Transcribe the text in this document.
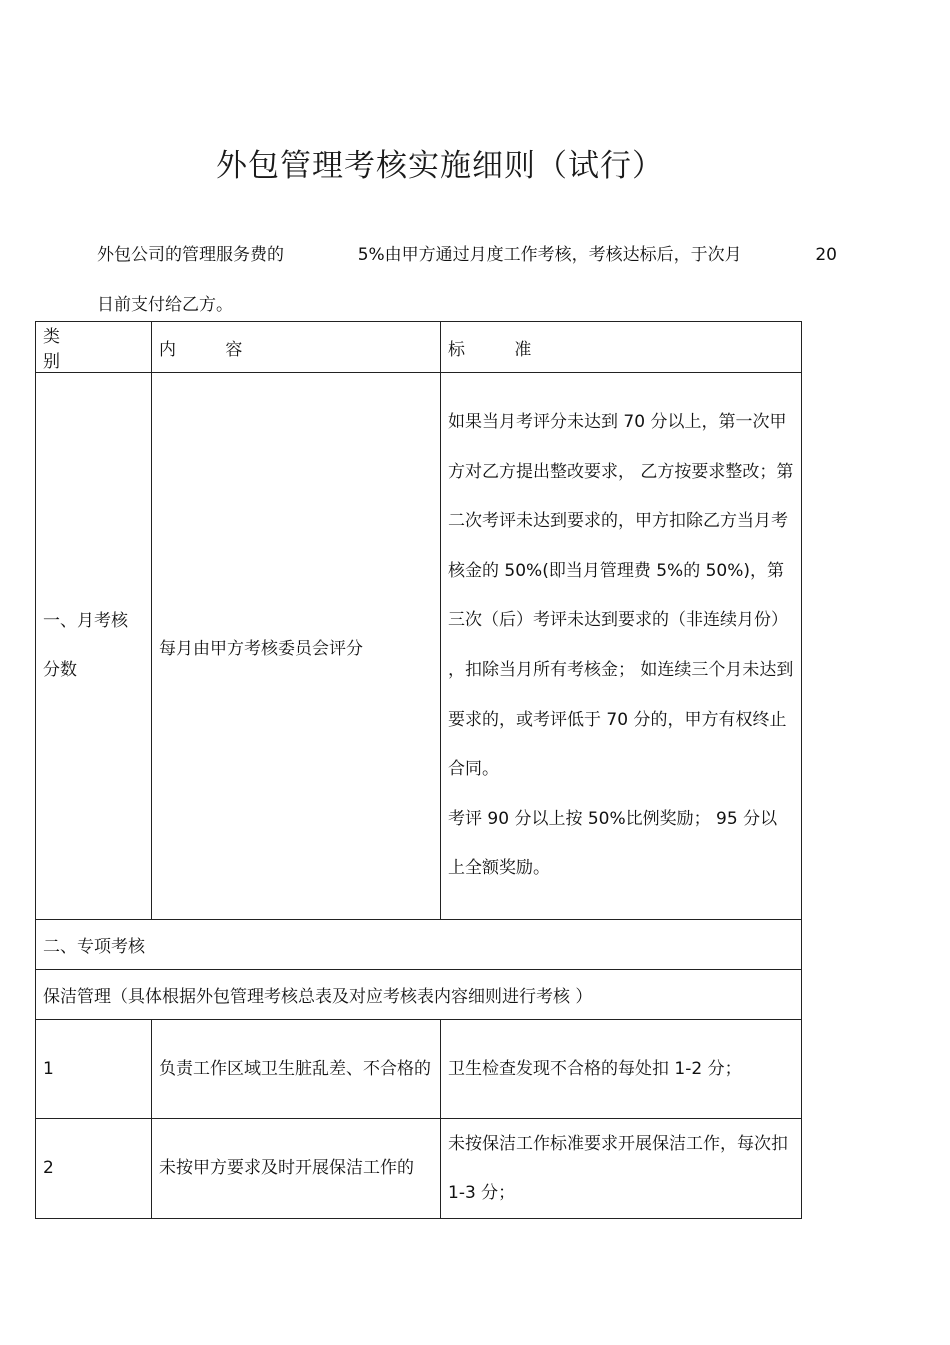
外包管理考核实施细则（试行）
外包公司的管理服务费的	5%由甲方通过月度工作考核，考核达标后，于次月	20
日前支付给乙方。
类 别	内 容	标 准
一、月考核分数	每月由甲方考核委员会评分	如果当月考评分未达到 70 分以上，第一次甲方对乙方提出整改要求， 乙方按要求整改；第二次考评未达到要求的，甲方扣除乙方当月考核金的 50%(即当月管理费 5%的 50%)，第三次（后）考评未达到要求的（非连续月份） ，扣除当月所有考核金； 如连续三个月未达到要求的，或考评低于 70 分的，甲方有权终止合同。

考评 90 分以上按 50%比例奖励； 95 分以上全额奖励。

二、专项考核		
保洁管理（具体根据外包管理考核总表及对应考核表内容细则进行考核 ）		
1	负责工作区域卫生脏乱差、不合格的	卫生检查发现不合格的每处扣 1-2 分；
2	未按甲方要求及时开展保洁工作的	未按保洁工作标准要求开展保洁工作，每次扣 1-3 分；
